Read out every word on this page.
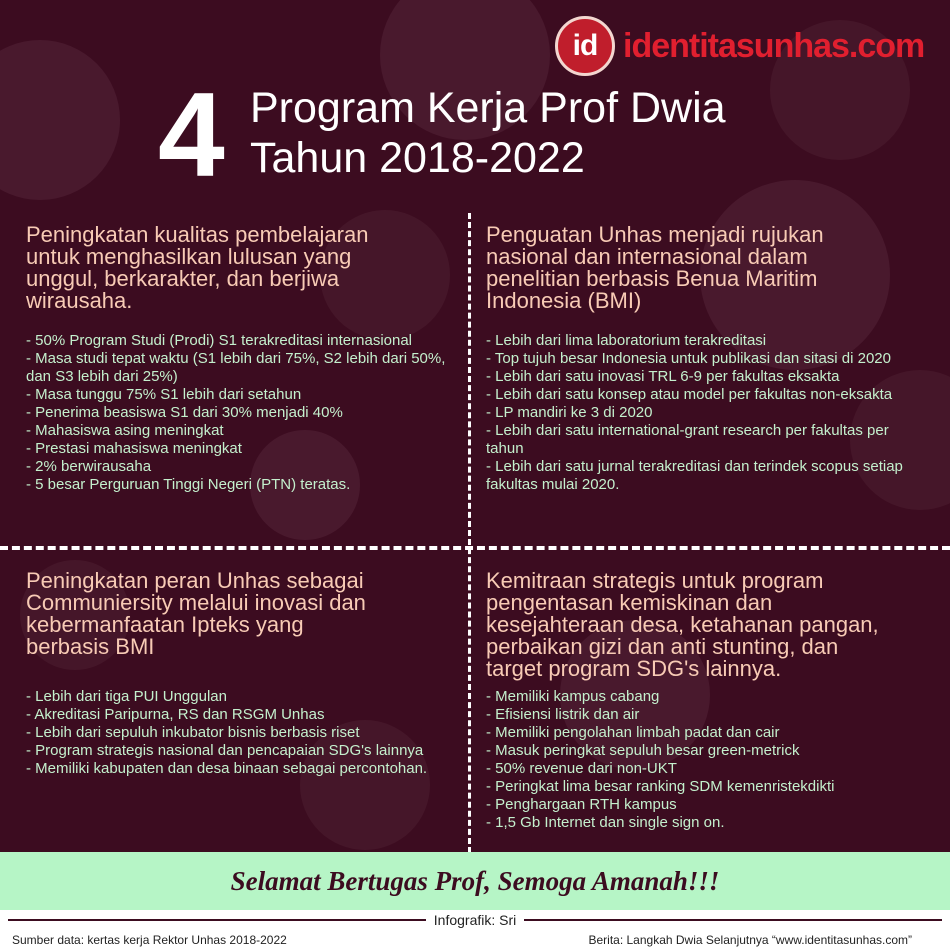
id identitasunhas.com
4 Program Kerja Prof Dwia
Tahun 2018-2022
Peningkatan kualitas pembelajaran
untuk menghasilkan lulusan yang
unggul, berkarakter, dan berjiwa
wirausaha.
- 50% Program Studi (Prodi) S1 terakreditasi internasional
- Masa studi tepat waktu (S1 lebih dari 75%, S2 lebih dari 50%, dan S3 lebih dari 25%)
- Masa tunggu 75% S1 lebih dari setahun
- Penerima beasiswa S1 dari 30% menjadi 40%
- Mahasiswa asing meningkat
- Prestasi mahasiswa meningkat
- 2% berwirausaha
- 5 besar Perguruan Tinggi Negeri (PTN) teratas.
Penguatan Unhas menjadi rujukan
nasional dan internasional dalam
penelitian berbasis Benua Maritim
Indonesia (BMI)
- Lebih dari lima laboratorium terakreditasi
- Top tujuh besar Indonesia untuk publikasi dan sitasi di 2020
- Lebih dari satu inovasi TRL 6-9 per fakultas eksakta
- Lebih dari satu konsep atau model per fakultas non-eksakta
- LP mandiri ke 3 di 2020
- Lebih dari satu international-grant research per fakultas per tahun
- Lebih dari satu jurnal terakreditasi dan terindek scopus setiap fakultas mulai 2020.
Peningkatan peran Unhas sebagai
Communiersity melalui inovasi dan
kebermanfaatan Ipteks yang
berbasis BMI
- Lebih dari tiga PUI Unggulan
- Akreditasi Paripurna, RS dan RSGM Unhas
- Lebih dari sepuluh inkubator bisnis berbasis riset
- Program strategis nasional dan pencapaian SDG's lainnya
- Memiliki kabupaten dan desa binaan sebagai percontohan.
Kemitraan strategis untuk program
pengentasan kemiskinan dan
kesejahteraan desa, ketahanan pangan,
perbaikan gizi dan anti stunting, dan
target program SDG's lainnya.
- Memiliki kampus cabang
- Efisiensi listrik dan air
- Memiliki pengolahan limbah padat dan cair
- Masuk peringkat sepuluh besar green-metrick
- 50% revenue dari non-UKT
- Peringkat lima besar ranking SDM kemenristekdikti
- Penghargaan RTH kampus
- 1,5 Gb Internet dan single sign on.
Selamat Bertugas Prof, Semoga Amanah!!!
Infografik: Sri
Sumber data: kertas kerja Rektor Unhas 2018-2022	Berita: Langkah Dwia Selanjutnya “www.identitasunhas.com”
